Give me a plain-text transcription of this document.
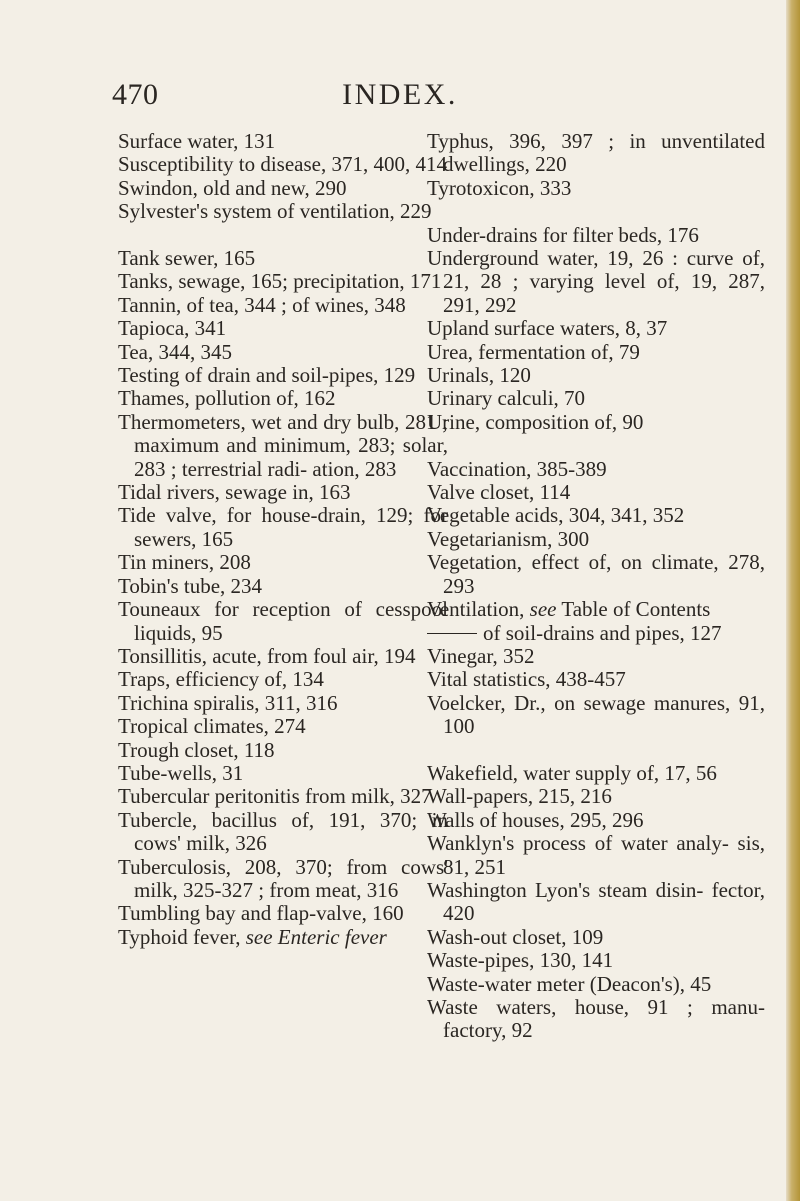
470	INDEX.
Surface water, 131
Susceptibility to disease, 371, 400, 414
Swindon, old and new, 290
Sylvester's system of ventilation, 229
Tank sewer, 165
Tanks, sewage, 165; precipitation, 171
Tannin, of tea, 344 ; of wines, 348
Tapioca, 341
Tea, 344, 345
Testing of drain and soil-pipes, 129
Thames, pollution of, 162
Thermometers, wet and dry bulb, 281 ; maximum and minimum, 283; solar, 283 ; terrestrial radi- ation, 283
Tidal rivers, sewage in, 163
Tide valve, for house-drain, 129; for sewers, 165
Tin miners, 208
Tobin's tube, 234
Touneaux for reception of cesspool liquids, 95
Tonsillitis, acute, from foul air, 194
Traps, efficiency of, 134
Trichina spiralis, 311, 316
Tropical climates, 274
Trough closet, 118
Tube-wells, 31
Tubercular peritonitis from milk, 327
Tubercle, bacillus of, 191, 370; in cows' milk, 326
Tuberculosis, 208, 370; from cows' milk, 325-327 ; from meat, 316
Tumbling bay and flap-valve, 160
Typhoid fever, see Enteric fever
Typhus, 396, 397 ; in unventilated dwellings, 220
Tyrotoxicon, 333
Under-drains for filter beds, 176
Underground water, 19, 26 : curve of, 21, 28 ; varying level of, 19, 287, 291, 292
Upland surface waters, 8, 37
Urea, fermentation of, 79
Urinals, 120
Urinary calculi, 70
Urine, composition of, 90
Vaccination, 385-389
Valve closet, 114
Vegetable acids, 304, 341, 352
Vegetarianism, 300
Vegetation, effect of, on climate, 278, 293
Ventilation, see Table of Contents
of soil-drains and pipes, 127
Vinegar, 352
Vital statistics, 438-457
Voelcker, Dr., on sewage manures, 91, 100
Wakefield, water supply of, 17, 56
Wall-papers, 215, 216
Walls of houses, 295, 296
Wanklyn's process of water analy- sis, 81, 251
Washington Lyon's steam disin- fector, 420
Wash-out closet, 109
Waste-pipes, 130, 141
Waste-water meter (Deacon's), 45
Waste waters, house, 91 ; manu- factory, 92
